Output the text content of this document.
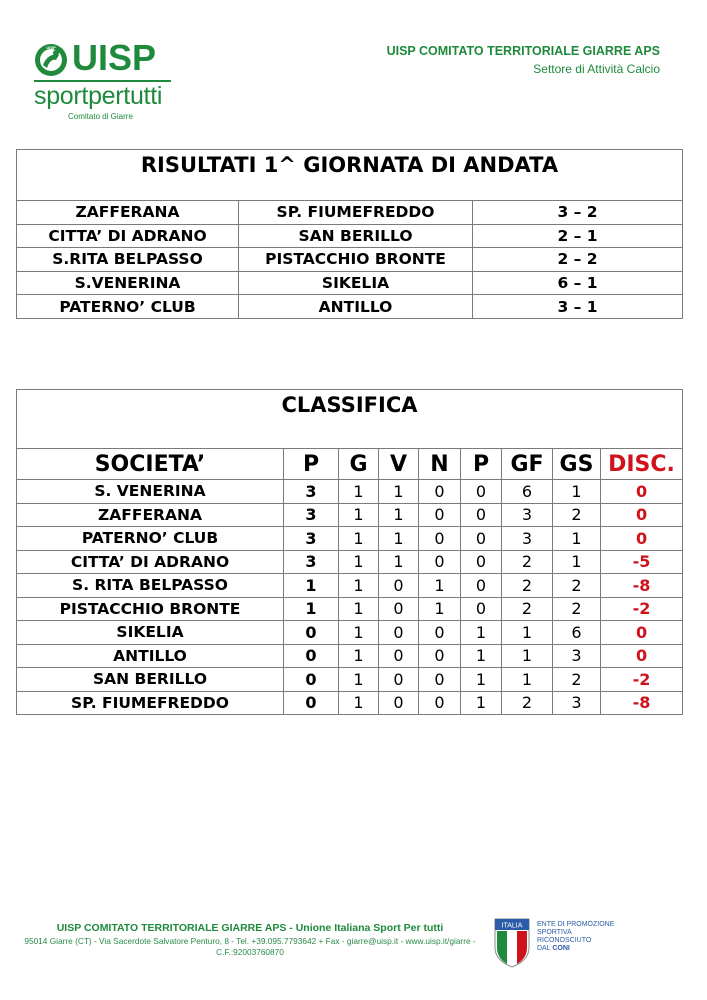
UISP UISP
sportpertutti
Comitato di Giarre
UISP COMITATO TERRITORIALE GIARRE APS
Settore di Attività Calcio
RISULTATI 1^ GIORNATA DI ANDATA		
ZAFFERANA	SP. FIUMEFREDDO	3 – 2
CITTA’ DI ADRANO	SAN BERILLO	2 – 1
S.RITA BELPASSO	PISTACCHIO BRONTE	2 – 2
S.VENERINA	SIKELIA	6 – 1
PATERNO’ CLUB	ANTILLO	3 – 1
CLASSIFICA								
SOCIETA’	P	G	V	N	P	GF	GS	DISC.
S. VENERINA	3	1	1	0	0	6	1	0
ZAFFERANA	3	1	1	0	0	3	2	0
PATERNO’ CLUB	3	1	1	0	0	3	1	0
CITTA’ DI ADRANO	3	1	1	0	0	2	1	-5
S. RITA BELPASSO	1	1	0	1	0	2	2	-8
PISTACCHIO BRONTE	1	1	0	1	0	2	2	-2
SIKELIA	0	1	0	0	1	1	6	0
ANTILLO	0	1	0	0	1	1	3	0
SAN BERILLO	0	1	0	0	1	1	2	-2
SP. FIUMEFREDDO	0	1	0	0	1	2	3	-8
UISP COMITATO TERRITORIALE GIARRE APS - Unione Italiana Sport Per tutti
95014 Giarre (CT) - Via Sacerdote Salvatore Penturo, 8 - Tel. +39.095.7793642 + Fax - giarre@uisp.it - www.uisp.it/giarre -
C.F.:92003760870
ITALIA ENTE DI PROMOZIONE
SPORTIVA
RICONOSCIUTO
DAL CONI
